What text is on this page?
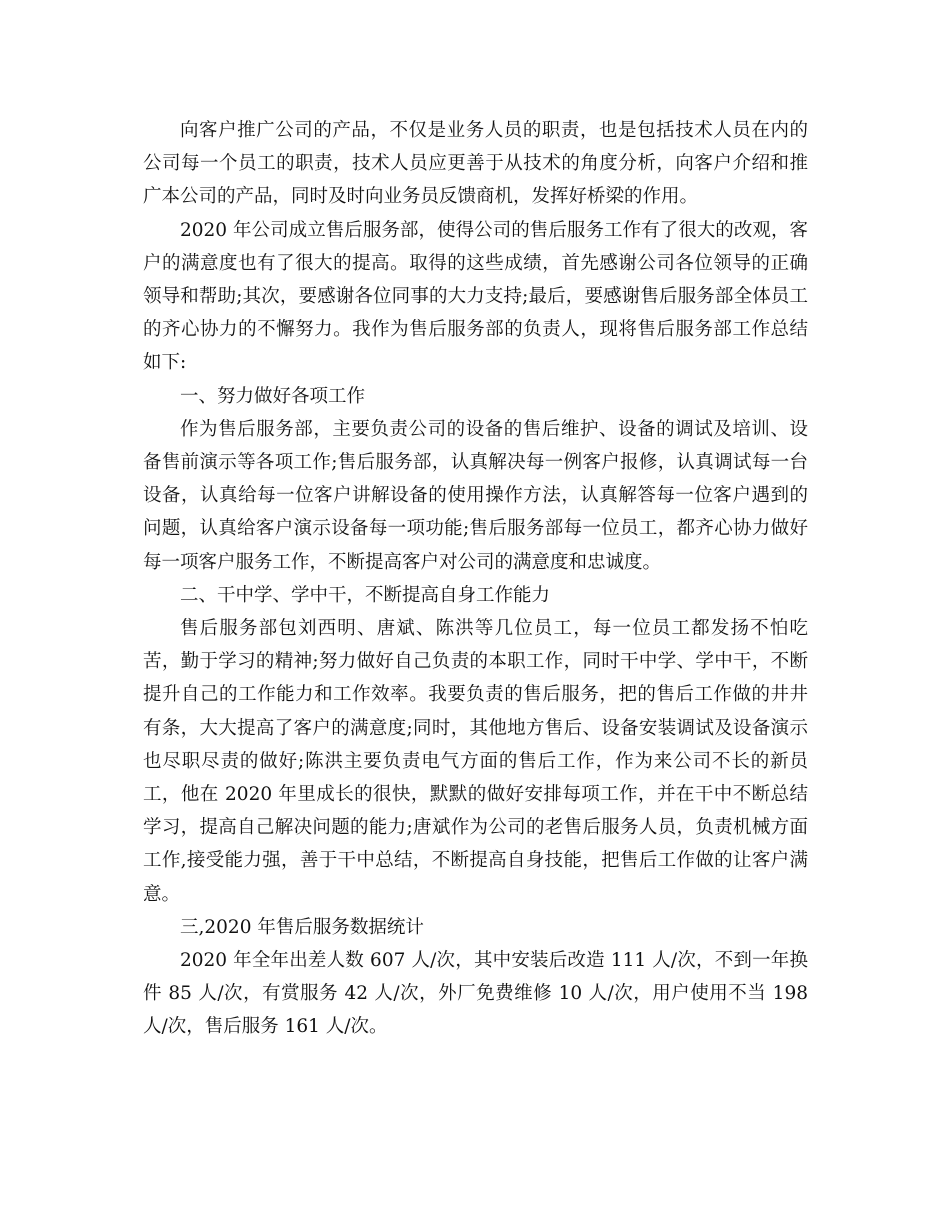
向客户推广公司的产品，不仅是业务人员的职责，也是包括技术人员在内的公司每一个员工的职责，技术人员应更善于从技术的角度分析，向客户介绍和推广本公司的产品，同时及时向业务员反馈商机，发挥好桥梁的作用。

2020 年公司成立售后服务部，使得公司的售后服务工作有了很大的改观，客户的满意度也有了很大的提高。取得的这些成绩，首先感谢公司各位领导的正确领导和帮助;其次，要感谢各位同事的大力支持;最后，要感谢售后服务部全体员工的齐心协力的不懈努力。我作为售后服务部的负责人，现将售后服务部工作总结如下:

一、努力做好各项工作

作为售后服务部，主要负责公司的设备的售后维护、设备的调试及培训、设备售前演示等各项工作;售后服务部，认真解决每一例客户报修，认真调试每一台设备，认真给每一位客户讲解设备的使用操作方法，认真解答每一位客户遇到的问题，认真给客户演示设备每一项功能;售后服务部每一位员工，都齐心协力做好每一项客户服务工作，不断提高客户对公司的满意度和忠诚度。

二、干中学、学中干，不断提高自身工作能力

售后服务部包刘西明、唐斌、陈洪等几位员工，每一位员工都发扬不怕吃苦，勤于学习的精神;努力做好自己负责的本职工作，同时干中学、学中干，不断提升自己的工作能力和工作效率。我要负责的售后服务，把的售后工作做的井井有条，大大提高了客户的满意度;同时，其他地方售后、设备安装调试及设备演示也尽职尽责的做好;陈洪主要负责电气方面的售后工作，作为来公司不长的新员工，他在 2020 年里成长的很快，默默的做好安排每项工作，并在干中不断总结学习，提高自己解决问题的能力;唐斌作为公司的老售后服务人员，负责机械方面工作,接受能力强，善于干中总结，不断提高自身技能，把售后工作做的让客户满意。

三,2020 年售后服务数据统计

2020 年全年出差人数 607 人/次，其中安装后改造 111 人/次，不到一年换件 85 人/次，有赏服务 42 人/次，外厂免费维修 10 人/次，用户使用不当 198 人/次，售后服务 161 人/次。
